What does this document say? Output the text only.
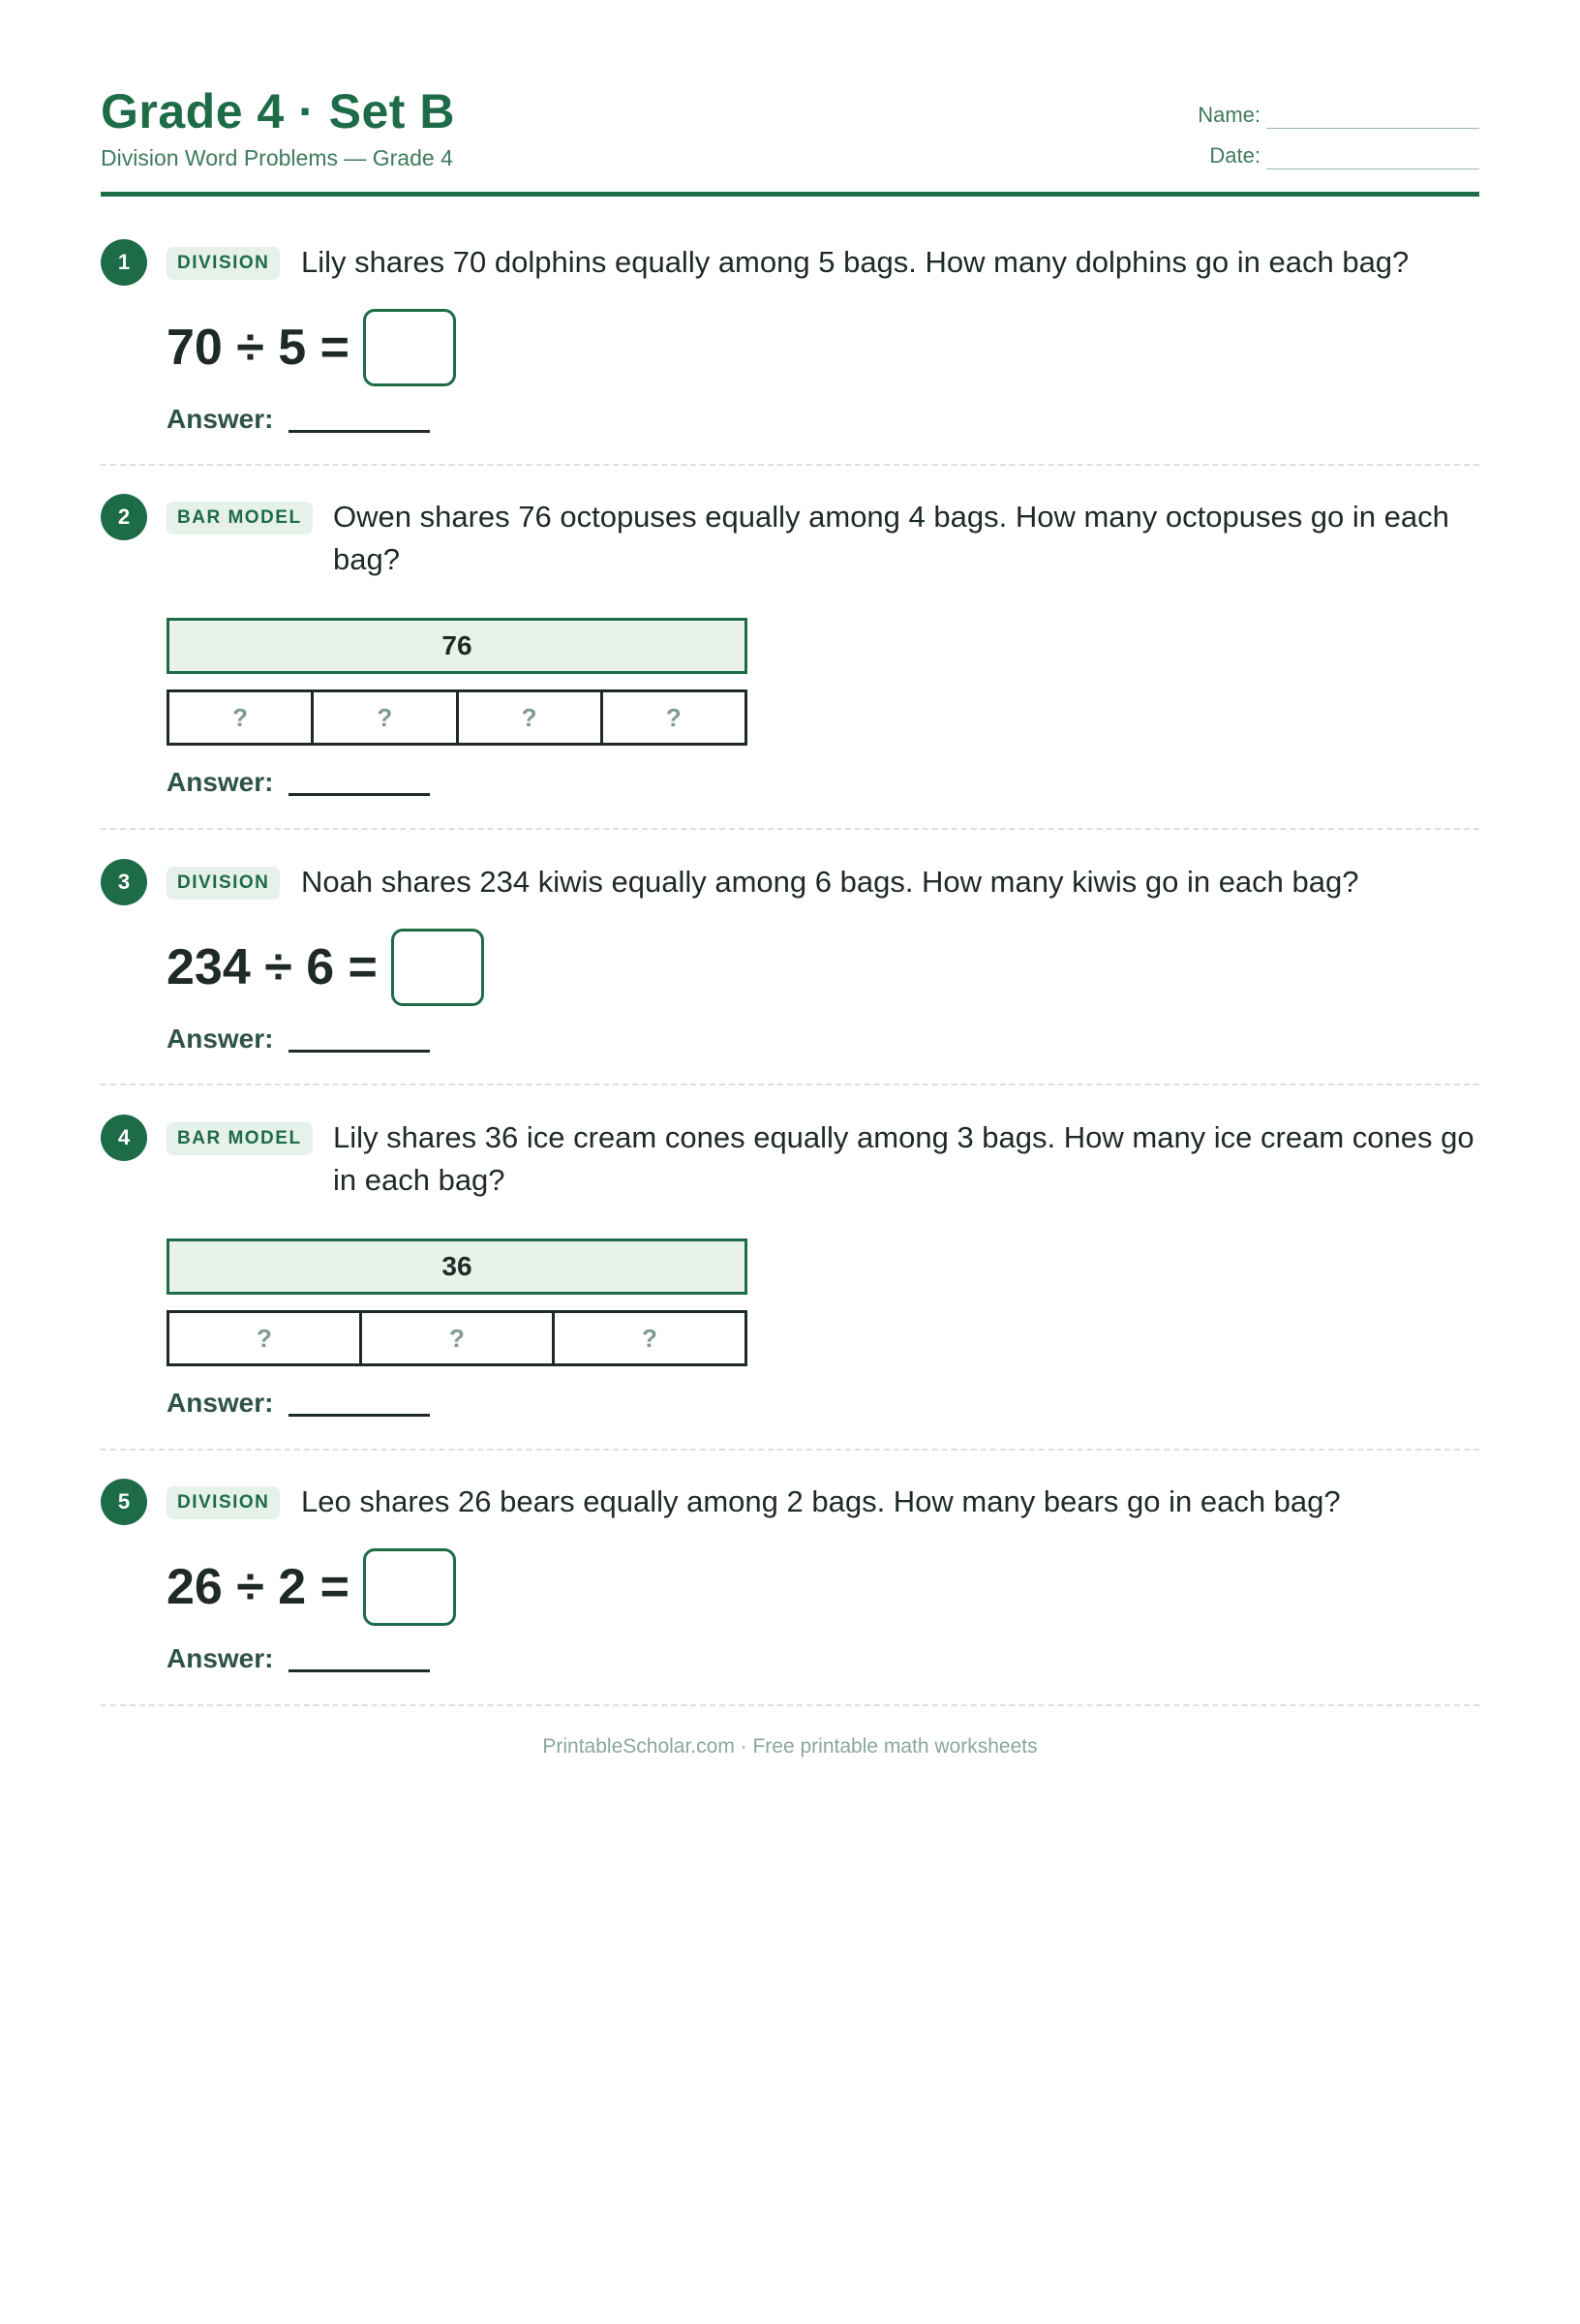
Grade 4 · Set B
Division Word Problems — Grade 4
Name:
Date:
1	DIVISION	Lily shares 70 dolphins equally among 5 bags. How many dolphins go in each bag?
70 ÷ 5 =
Answer:
2	BAR MODEL	Owen shares 76 octopuses equally among 4 bags. How many octopuses go in each bag?
76
?	?	?	?
Answer:
3	DIVISION	Noah shares 234 kiwis equally among 6 bags. How many kiwis go in each bag?
234 ÷ 6 =
Answer:
4	BAR MODEL	Lily shares 36 ice cream cones equally among 3 bags. How many ice cream cones go in each bag?
36
?	?	?
Answer:
5	DIVISION	Leo shares 26 bears equally among 2 bags. How many bears go in each bag?
26 ÷ 2 =
Answer:
PrintableScholar.com · Free printable math worksheets
